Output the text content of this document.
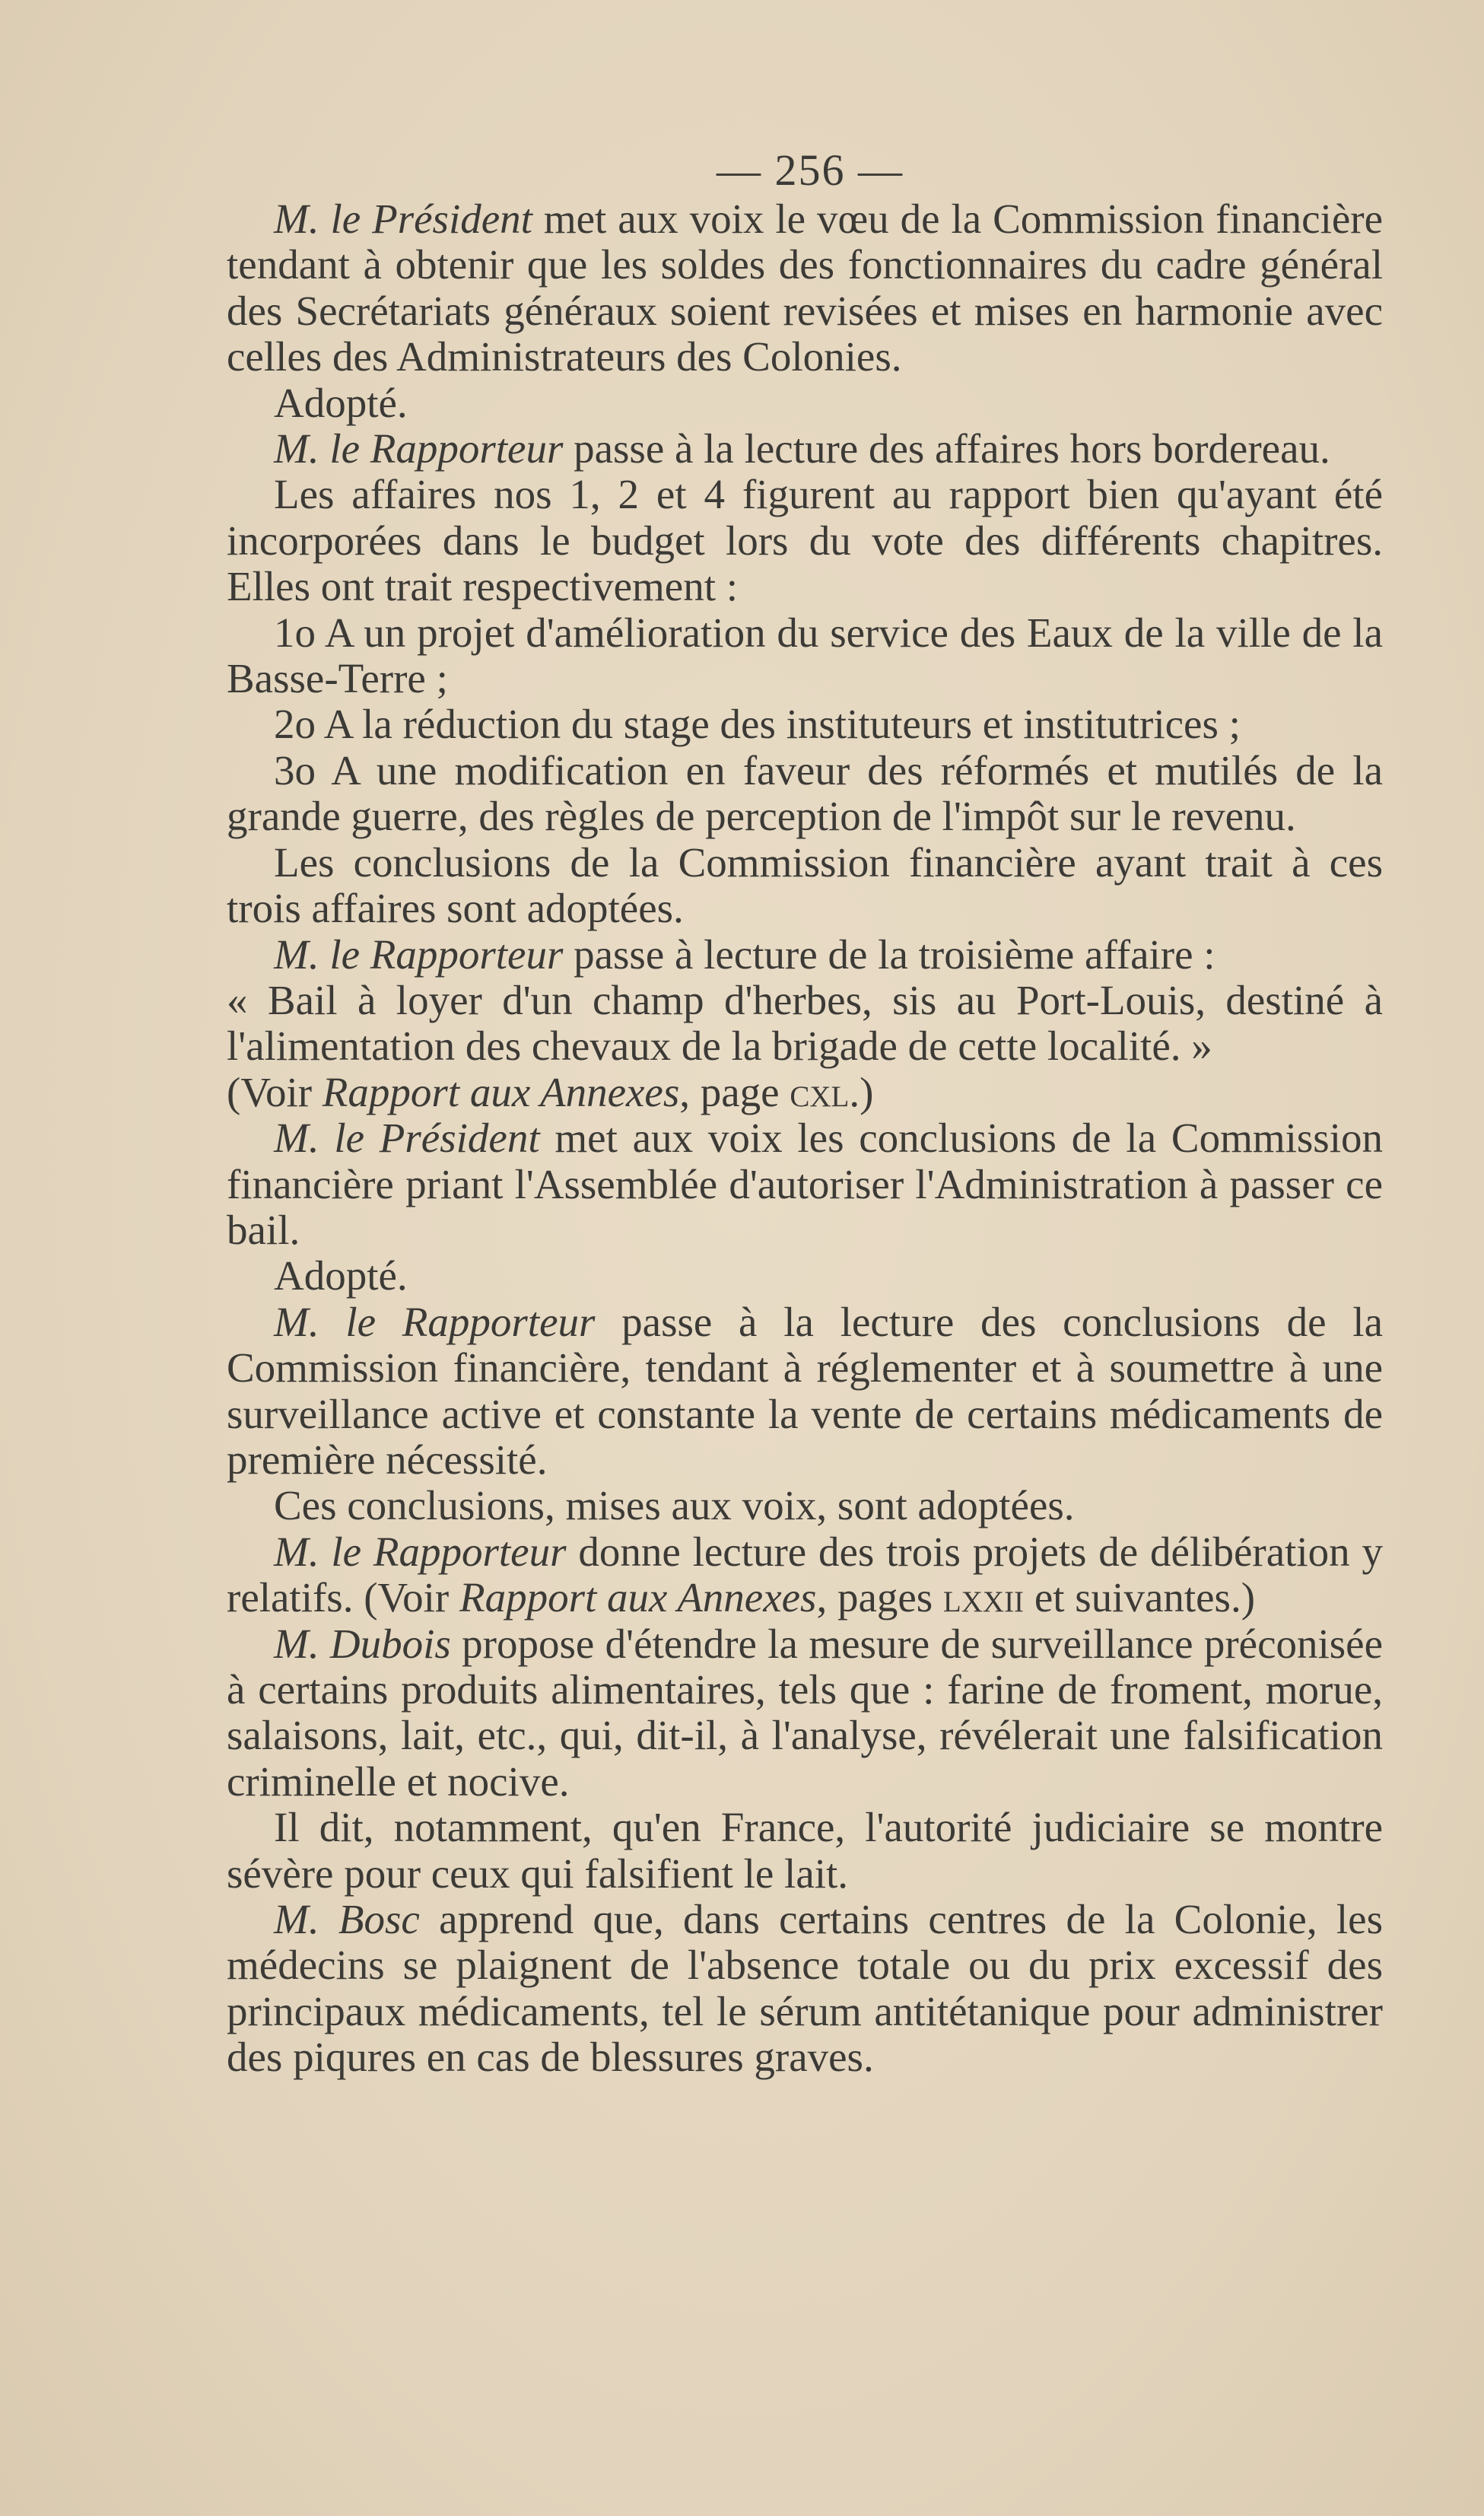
— 256 —

M. le Président met aux voix le vœu de la Commission financière tendant à obtenir que les soldes des fonctionnaires du cadre général des Secrétariats généraux soient revisées et mises en harmonie avec celles des Administrateurs des Colonies.

Adopté.

M. le Rapporteur passe à la lecture des affaires hors bordereau.

Les affaires nos 1, 2 et 4 figurent au rapport bien qu'ayant été incorporées dans le budget lors du vote des différents chapitres. Elles ont trait respectivement :

1o A un projet d'amélioration du service des Eaux de la ville de la Basse-Terre ;

2o A la réduction du stage des instituteurs et institutrices ;

3o A une modification en faveur des réformés et mutilés de la grande guerre, des règles de perception de l'impôt sur le revenu.

Les conclusions de la Commission financière ayant trait à ces trois affaires sont adoptées.

M. le Rapporteur passe à lecture de la troisième affaire :

« Bail à loyer d'un champ d'herbes, sis au Port-Louis, destiné à l'alimentation des chevaux de la brigade de cette localité. »

(Voir Rapport aux Annexes, page cxl.)

M. le Président met aux voix les conclusions de la Commission financière priant l'Assemblée d'autoriser l'Administration à passer ce bail.

Adopté.

M. le Rapporteur passe à la lecture des conclusions de la Commission financière, tendant à réglementer et à soumettre à une surveillance active et constante la vente de certains médicaments de première nécessité.

Ces conclusions, mises aux voix, sont adoptées.

M. le Rapporteur donne lecture des trois projets de délibération y relatifs. (Voir Rapport aux Annexes, pages lxxii et suivantes.)

M. Dubois propose d'étendre la mesure de surveillance préconisée à certains produits alimentaires, tels que : farine de froment, morue, salaisons, lait, etc., qui, dit-il, à l'analyse, révélerait une falsification criminelle et nocive.

Il dit, notamment, qu'en France, l'autorité judiciaire se montre sévère pour ceux qui falsifient le lait.

M. Bosc apprend que, dans certains centres de la Colonie, les médecins se plaignent de l'absence totale ou du prix excessif des principaux médicaments, tel le sérum antitétanique pour administrer des piqures en cas de blessures graves.
